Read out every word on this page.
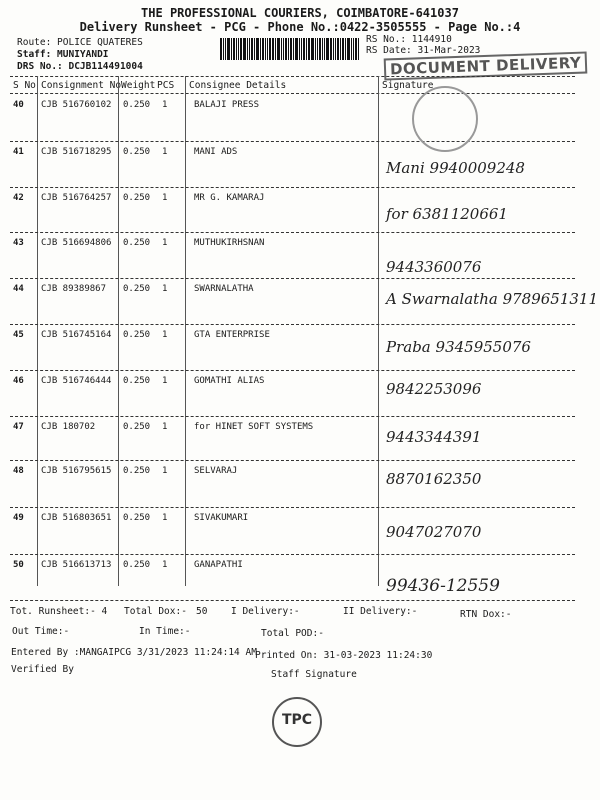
THE PROFESSIONAL COURIERS, COIMBATORE-641037
Delivery Runsheet - PCG - Phone No.:0422-3505555 - Page No.:4
Route: POLICE QUATERES
Staff: MUNIYANDI
DRS No.: DCJB114491004
RS No.: 1144910
RS Date: 31-Mar-2023
DOCUMENT DELIVERY
S No Consignment No Weight PCS Consignee Details	Signature
40 CJB 516760102 0.250 1	BALAJI PRESS
41 CJB 516718295 0.250 1	MANI ADS
Mani 9940009248
42 CJB 516764257 0.250 1	MR G. KAMARAJ
for 6381120661
43 CJB 516694806 0.250 1	MUTHUKIRHSNAN
9443360076
44 CJB 89389867 0.250 1	SWARNALATHA
A Swarnalatha 9789651311
45 CJB 516745164 0.250 1	GTA ENTERPRISE
Praba 9345955076
46 CJB 516746444 0.250 1	GOMATHI ALIAS	9842253096
47 CJB 180702	0.250 1	for HINET SOFT SYSTEMS
9443344391
48 CJB 516795615 0.250 1	SELVARAJ	8870162350
49 CJB 516803651 0.250 1	SIVAKUMARI
9047027070
50 CJB 516613713 0.250 1	GANAPATHI
99436-12559
Tot. Runsheet:- 4 Total Dox:- 50 I Delivery:-	II Delivery:-	RTN Dox:-
Out Time:-	In Time:-	Total POD:-
Entered By :MANGAIPCG 3/31/2023 11:24:14 AM
Printed On: 31-03-2023 11:24:30
Verified By	Staff Signature
TPC
